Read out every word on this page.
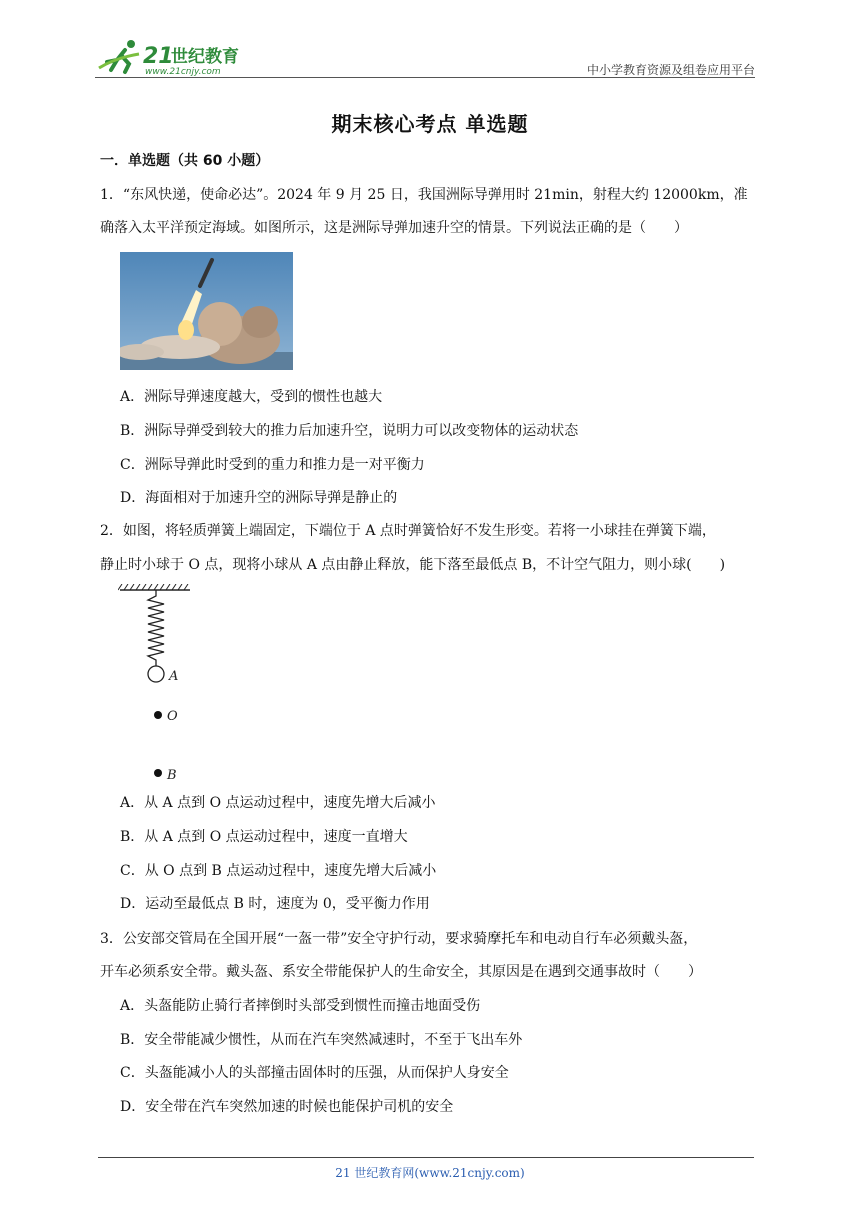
21
世纪教育
www.21cnjy.com	中小学教育资源及组卷应用平台
期末核心考点 单选题
一．单选题（共 60 小题）
1．“东风快递，使命必达”。2024 年 9 月 25 日，我国洲际导弹用时 21min，射程大约 12000km，准
确落入太平洋预定海域。如图所示，这是洲际导弹加速升空的情景。下列说法正确的是（　　）
A．洲际导弹速度越大，受到的惯性也越大
B．洲际导弹受到较大的推力后加速升空，说明力可以改变物体的运动状态
C．洲际导弹此时受到的重力和推力是一对平衡力
D．海面相对于加速升空的洲际导弹是静止的
2．如图，将轻质弹簧上端固定，下端位于 A 点时弹簧恰好不发生形变。若将一小球挂在弹簧下端，
静止时小球于 O 点，现将小球从 A 点由静止释放，能下落至最低点 B，不计空气阻力，则小球(　　)
A
O
B
A．从 A 点到 O 点运动过程中，速度先增大后减小
B．从 A 点到 O 点运动过程中，速度一直增大
C．从 O 点到 B 点运动过程中，速度先增大后减小
D．运动至最低点 B 时，速度为 0，受平衡力作用
3．公安部交管局在全国开展“一盔一带”安全守护行动，要求骑摩托车和电动自行车必须戴头盔，
开车必须系安全带。戴头盔、系安全带能保护人的生命安全，其原因是在遇到交通事故时（　　）
A．头盔能防止骑行者摔倒时头部受到惯性而撞击地面受伤
B．安全带能减少惯性，从而在汽车突然减速时，不至于飞出车外
C．头盔能减小人的头部撞击固体时的压强，从而保护人身安全
D．安全带在汽车突然加速的时候也能保护司机的安全
21 世纪教育网(www.21cnjy.com)
